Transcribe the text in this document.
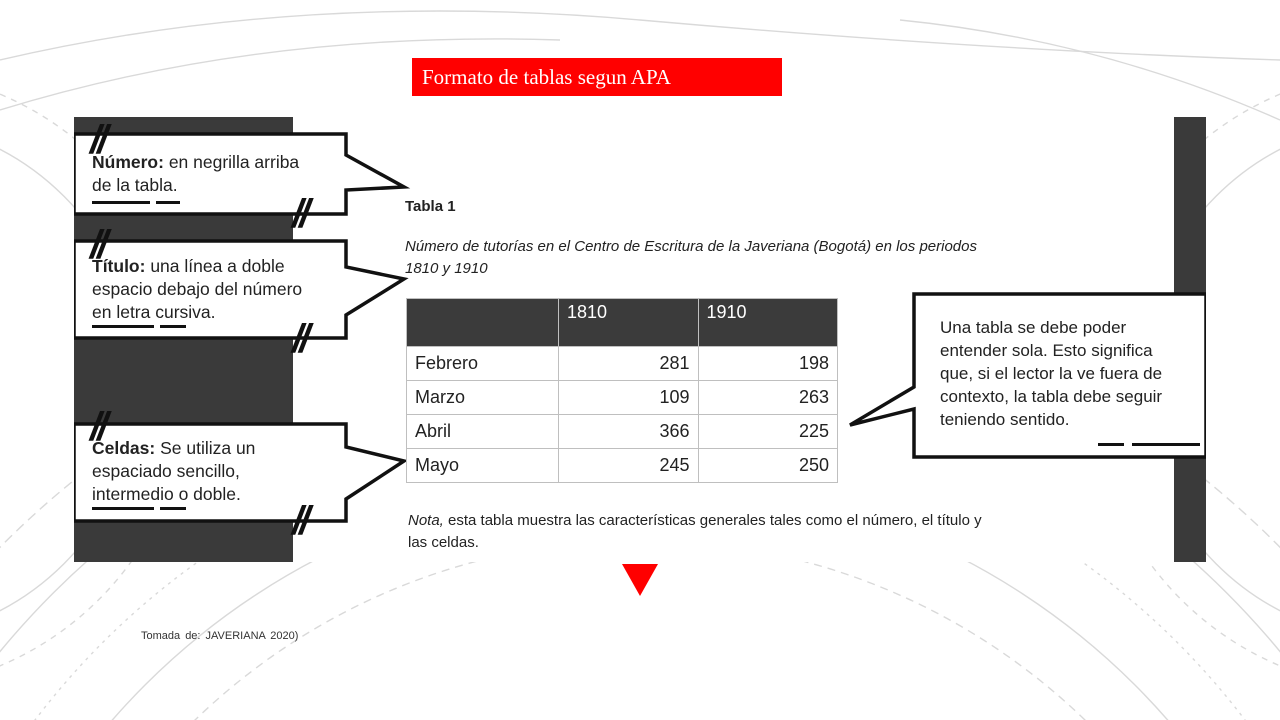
Formato de tablas segun APA
//
//
//
//
//
//
Número: en negrilla arriba
de la tabla.
Título: una línea a doble
espacio debajo del número
en letra cursiva.
Celdas: Se utiliza un
espaciado sencillo,
intermedio o doble.
Una tabla se debe poder
entender sola. Esto significa
que, si el lector la ve fuera de
contexto, la tabla debe seguir
teniendo sentido.
Tabla 1
Número de tutorías en el Centro de Escritura de la Javeriana (Bogotá) en los periodos
1810 y 1910
	1810	1910
Febrero	281	198
Marzo	109	263
Abril	366	225
Mayo	245	250
Nota, esta tabla muestra las características generales tales como el número, el título y
las celdas.
Tomada de: JAVERIANA 2020)
